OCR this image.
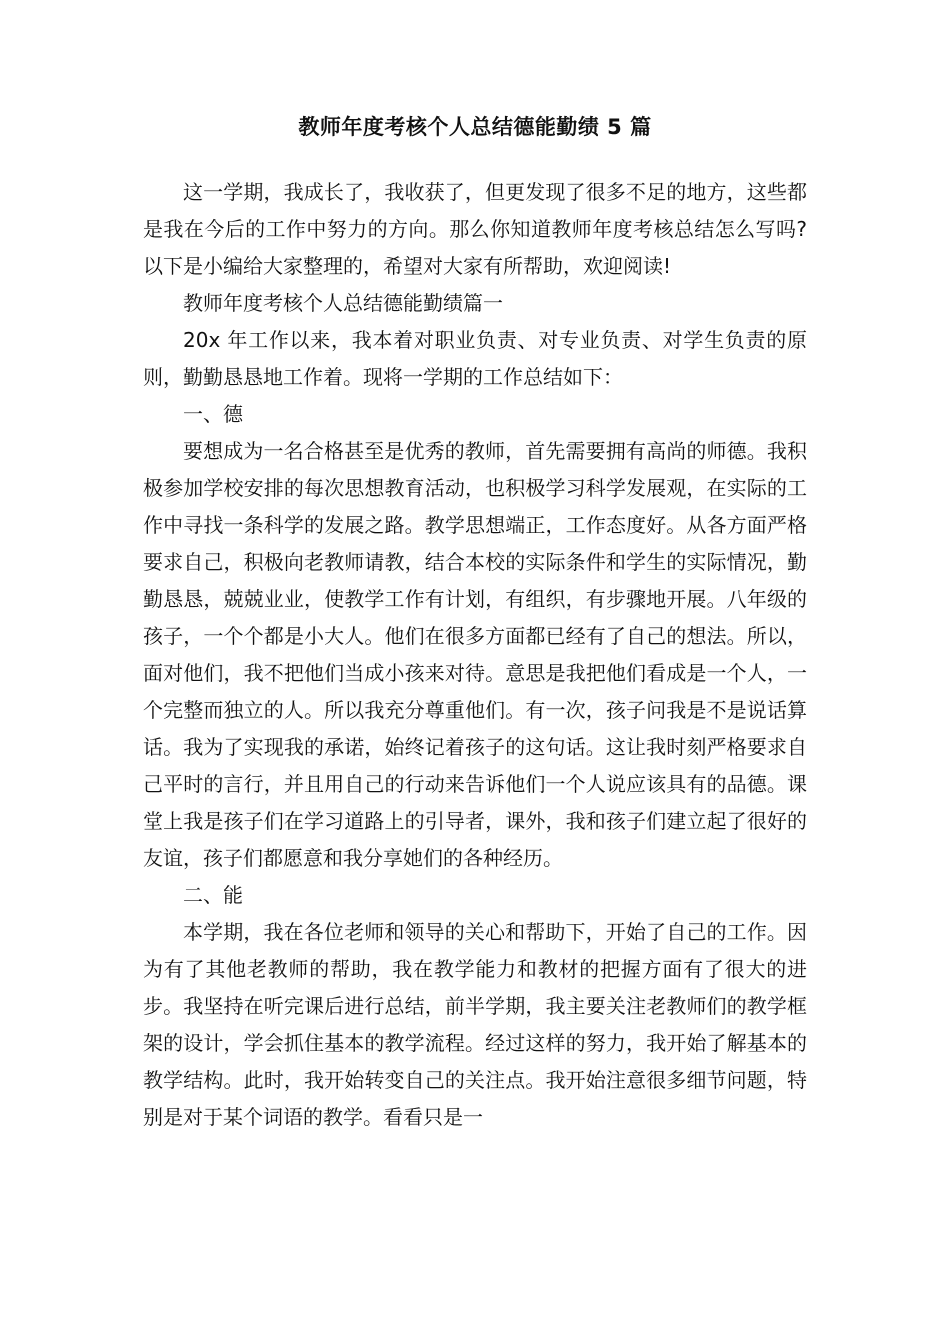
教师年度考核个人总结德能勤绩 5 篇

这一学期，我成长了，我收获了，但更发现了很多不足的地方，这些都是我在今后的工作中努力的方向。那么你知道教师年度考核总结怎么写吗?以下是小编给大家整理的，希望对大家有所帮助，欢迎阅读!

教师年度考核个人总结德能勤绩篇一

20x 年工作以来，我本着对职业负责、对专业负责、对学生负责的原则，勤勤恳恳地工作着。现将一学期的工作总结如下：

一、德

要想成为一名合格甚至是优秀的教师，首先需要拥有高尚的师德。我积极参加学校安排的每次思想教育活动，也积极学习科学发展观，在实际的工作中寻找一条科学的发展之路。教学思想端正，工作态度好。从各方面严格要求自己，积极向老教师请教，结合本校的实际条件和学生的实际情况，勤勤恳恳，兢兢业业，使教学工作有计划，有组织，有步骤地开展。八年级的孩子，一个个都是小大人。他们在很多方面都已经有了自己的想法。所以，面对他们，我不把他们当成小孩来对待。意思是我把他们看成是一个人，一个完整而独立的人。所以我充分尊重他们。有一次，孩子问我是不是说话算话。我为了实现我的承诺，始终记着孩子的这句话。这让我时刻严格要求自己平时的言行，并且用自己的行动来告诉他们一个人说应该具有的品德。课堂上我是孩子们在学习道路上的引导者，课外，我和孩子们建立起了很好的友谊，孩子们都愿意和我分享她们的各种经历。

二、能

本学期，我在各位老师和领导的关心和帮助下，开始了自己的工作。因为有了其他老教师的帮助，我在教学能力和教材的把握方面有了很大的进步。我坚持在听完课后进行总结，前半学期，我主要关注老教师们的教学框架的设计，学会抓住基本的教学流程。经过这样的努力，我开始了解基本的教学结构。此时，我开始转变自己的关注点。我开始注意很多细节问题，特别是对于某个词语的教学。看看只是一
